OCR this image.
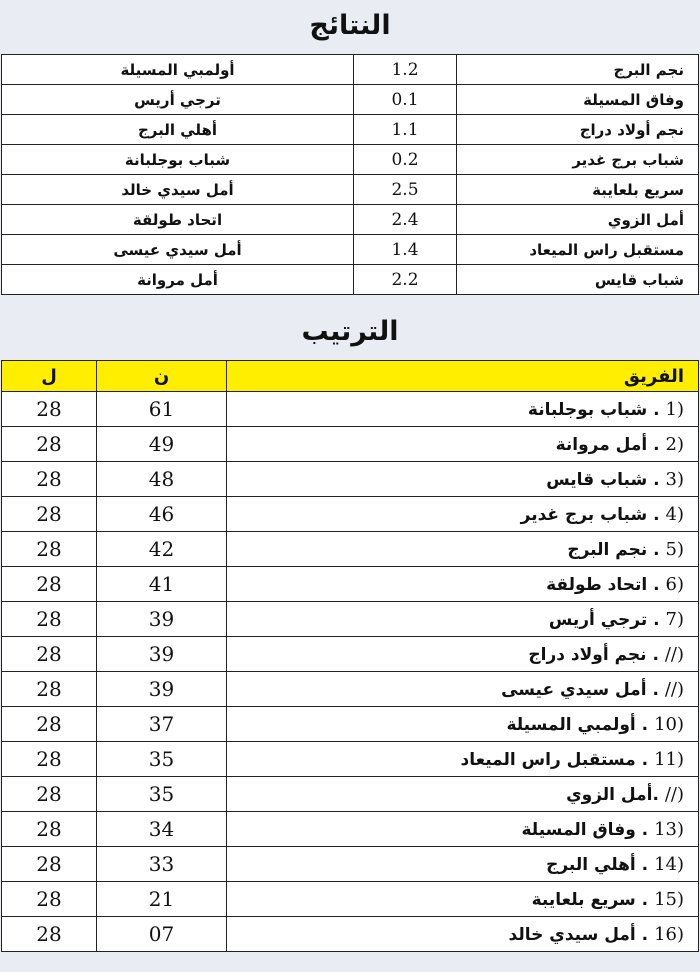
النتائج
أولمبي المسيلة	1.2	نجم البرج
ترجي أريس	0.1	وفاق المسيلة
أهلي البرج	1.1	نجم أولاد دراج
شباب بوجلبانة	0.2	شباب برج غدير
أمل سيدي خالد	2.5	سريع بلعايبة
اتحاد طولقة	2.4	أمل الزوي
أمل سيدي عيسى	1.4	مستقبل راس الميعاد
أمل مروانة	2.2	شباب قايس
الترتيب
ل	ن	الفريق
28	61	1) . شباب بوجلبانة
28	49	2) . أمل مروانة
28	48	3) . شباب قايس
28	46	4) . شباب برج غدير
28	42	5) . نجم البرج
28	41	6) . اتحاد طولقة
28	39	7) . ترجي أريس
28	39	//) . نجم أولاد دراج
28	39	//) . أمل سيدي عيسى
28	37	10) . أولمبي المسيلة
28	35	11) . مستقبل راس الميعاد
28	35	//) .أمل الزوي
28	34	13) . وفاق المسيلة
28	33	14) . أهلي البرج
28	21	15) . سريع بلعايبة
28	07	16) . أمل سيدي خالد
